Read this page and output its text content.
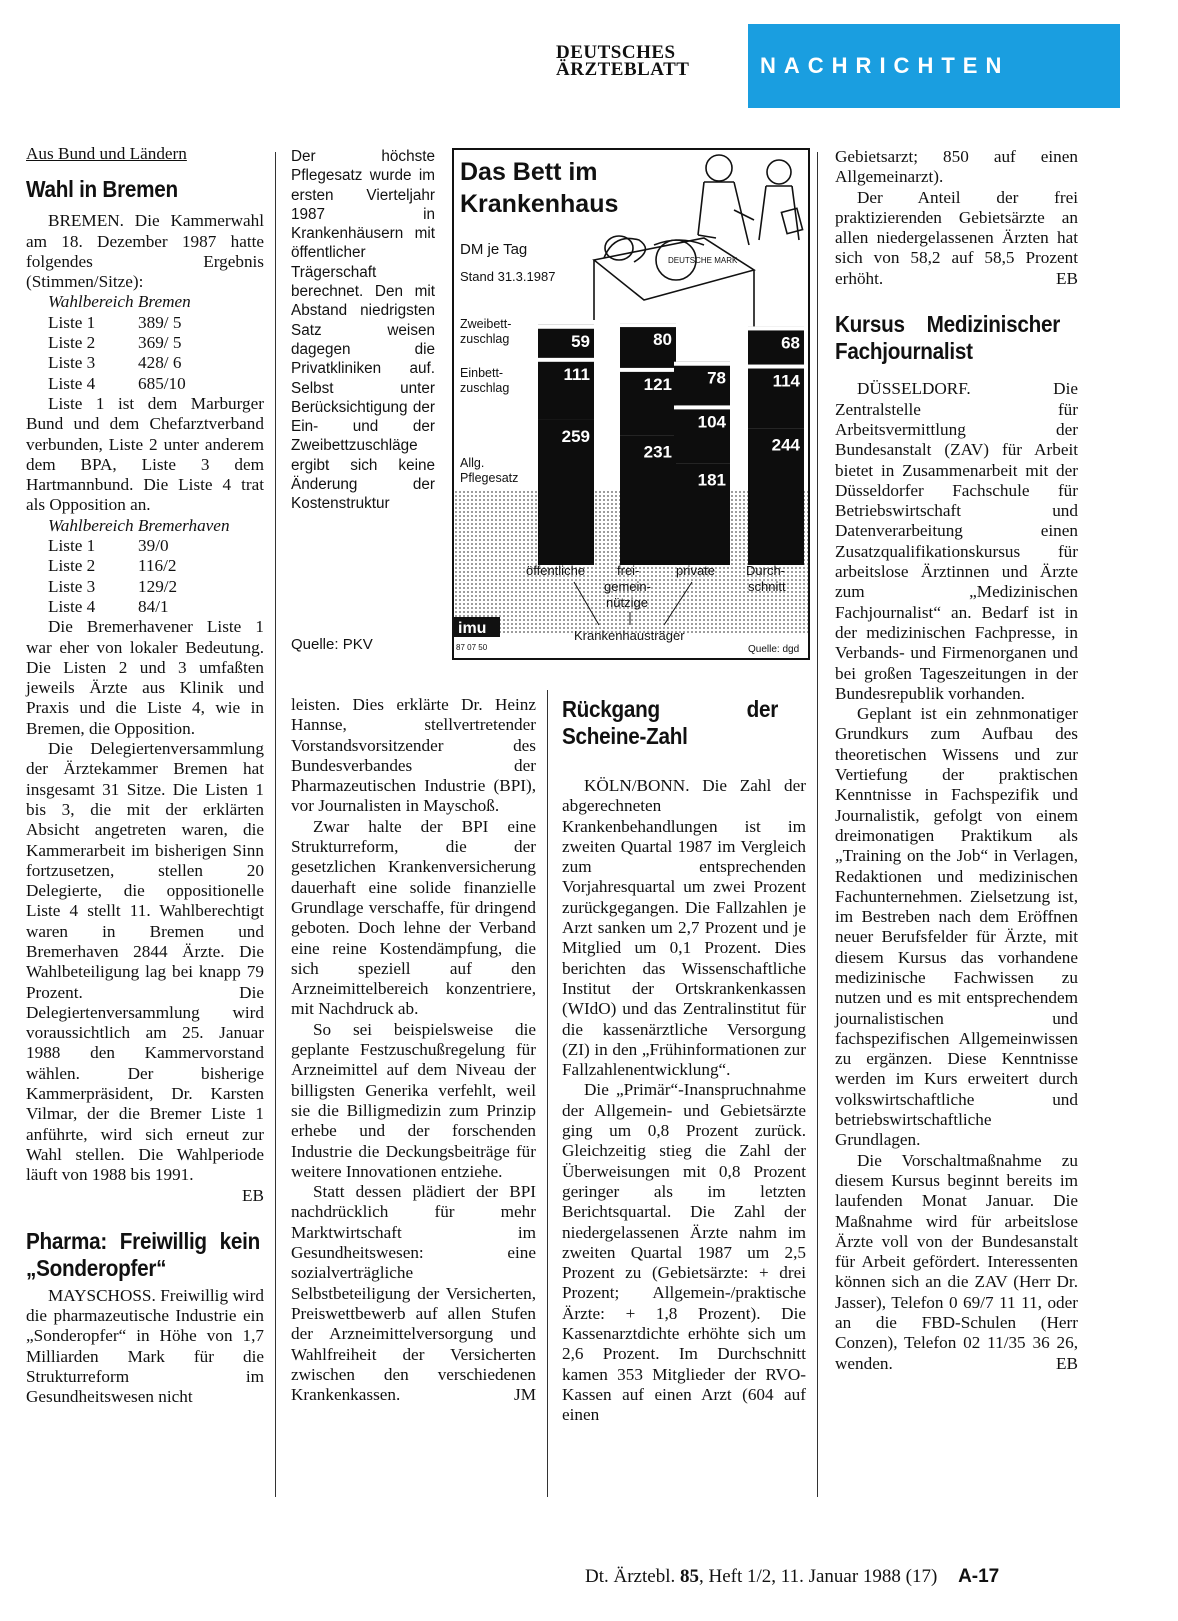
DEUTSCHES
ÄRZTEBLATT	NACHRICHTEN
Aus Bund und Ländern
Wahl in Bremen

BREMEN. Die Kammerwahl am 18. Dezember 1987 hatte folgendes Ergebnis (Stimmen/Sitze):

Wahlbereich Bremen
Liste 1	389/ 5
Liste 2	369/ 5
Liste 3	428/ 6
Liste 4	685/10

Liste 1 ist dem Marburger Bund und dem Chefarztverband verbunden, Liste 2 unter anderem dem BPA, Liste 3 dem Hartmannbund. Die Liste 4 trat als Opposition an.

Wahlbereich Bremerhaven
Liste 1	39/0
Liste 2	116/2
Liste 3	129/2
Liste 4	84/1

Die Bremerhavener Liste 1 war eher von lokaler Bedeutung. Die Listen 2 und 3 umfaßten jeweils Ärzte aus Klinik und Praxis und die Liste 4, wie in Bremen, die Opposition.

Die Delegiertenversammlung der Ärztekammer Bremen hat insgesamt 31 Sitze. Die Listen 1 bis 3, die mit der erklärten Absicht angetreten waren, die Kammerarbeit im bisherigen Sinn fortzusetzen, stellen 20 Delegierte, die oppositionelle Liste 4 stellt 11. Wahlberechtigt waren in Bremen und Bremerhaven 2844 Ärzte. Die Wahlbeteiligung lag bei knapp 79 Prozent. Die Delegiertenversammlung wird voraussichtlich am 25. Januar 1988 den Kammervorstand wählen. Der bisherige Kammerpräsident, Dr. Karsten Vilmar, der die Bremer Liste 1 anführte, wird sich erneut zur Wahl stellen. Die Wahlperiode läuft von 1988 bis 1991.

EB

Pharma: Freiwillig kein „Sonderopfer“

MAYSCHOSS. Freiwillig wird die pharmazeutische Industrie ein „Sonderopfer“ in Höhe von 1,7 Milliarden Mark für die Strukturreform im Gesundheitswesen nicht

Der höchste Pflegesatz wurde im ersten Vierteljahr 1987 in Krankenhäusern mit öffentlicher Trägerschaft berechnet. Den mit Abstand niedrigsten Satz weisen dagegen die Privatkliniken auf. Selbst unter Berücksichtigung der Ein- und der Zweibettzuschläge ergibt sich keine Änderung der Kostenstruktur
Quelle: PKV
DEUTSCHE MARK
Das Bett im
Krankenhaus
DM je Tag
Stand 31.3.1987
Zweibett-
zuschlag
Einbett-
zuschlag
Allg.
Pflegesatz
259
111
59
231
121
80
181
104
78
244
114
68
öffentliche frei-
gemein-
nützige
private Durch-
schnitt
Krankenhausträger
imu
87 07 50	Quelle: dgd

leisten. Dies erklärte Dr. Heinz Hannse, stellvertretender Vorstandsvorsitzender des Bundesverbandes der Pharmazeutischen Industrie (BPI), vor Journalisten in Mayschoß.

Zwar halte der BPI eine Strukturreform, die der gesetzlichen Krankenversicherung dauerhaft eine solide finanzielle Grundlage verschaffe, für dringend geboten. Doch lehne der Verband eine reine Kostendämpfung, die sich speziell auf den Arzneimittelbereich konzentriere, mit Nachdruck ab.

So sei beispielsweise die geplante Festzuschußregelung für Arzneimittel auf dem Niveau der billigsten Generika verfehlt, weil sie die Billigmedizin zum Prinzip erhebe und der forschenden Industrie die Deckungsbeiträge für weitere Innovationen entziehe.

Statt dessen plädiert der BPI nachdrücklich für mehr Marktwirtschaft im Gesundheitswesen: eine sozialverträgliche Selbstbeteiligung der Versicherten, Preiswettbewerb auf allen Stufen der Arzneimittelversorgung und Wahlfreiheit der Versicherten zwischen den verschiedenen Krankenkassen.	JM

Rückgang der Scheine-Zahl

KÖLN/BONN. Die Zahl der abgerechneten Krankenbehandlungen ist im zweiten Quartal 1987 im Vergleich zum entsprechenden Vorjahresquartal um zwei Prozent zurückgegangen. Die Fallzahlen je Arzt sanken um 2,7 Prozent und je Mitglied um 0,1 Prozent. Dies berichten das Wissenschaftliche Institut der Ortskrankenkassen (WIdO) und das Zentralinstitut für die kassenärztliche Versorgung (ZI) in den „Frühinformationen zur Fallzahlenentwicklung“.

Die „Primär“-Inanspruchnahme der Allgemein- und Gebietsärzte ging um 0,8 Prozent zurück. Gleichzeitig stieg die Zahl der Überweisungen mit 0,8 Prozent geringer als im letzten Berichtsquartal. Die Zahl der niedergelassenen Ärzte nahm im zweiten Quartal 1987 um 2,5 Prozent zu (Gebietsärzte: + drei Prozent; Allgemein-/praktische Ärzte: + 1,8 Prozent). Die Kassenarztdichte erhöhte sich um 2,6 Prozent. Im Durchschnitt kamen 353 Mitglieder der RVO-Kassen auf einen Arzt (604 auf einen

Gebietsarzt; 850 auf einen Allgemeinarzt).

Der Anteil der frei praktizierenden Gebietsärzte an allen niedergelassenen Ärzten hat sich von 58,2 auf 58,5 Prozent erhöht.	EB

Kursus Medizinischer Fachjournalist

DÜSSELDORF. Die Zentralstelle für Arbeitsvermittlung der Bundesanstalt (ZAV) für Arbeit bietet in Zusammenarbeit mit der Düsseldorfer Fachschule für Betriebswirtschaft und Datenverarbeitung einen Zusatzqualifikationskursus für arbeitslose Ärztinnen und Ärzte zum „Medizinischen Fachjournalist“ an. Bedarf ist in der medizinischen Fachpresse, in Verbands- und Firmenorganen und bei großen Tageszeitungen in der Bundesrepublik vorhanden.

Geplant ist ein zehnmonatiger Grundkurs zum Aufbau des theoretischen Wissens und zur Vertiefung der praktischen Kenntnisse in Fachspezifik und Journalistik, gefolgt von einem dreimonatigen Praktikum als „Training on the Job“ in Verlagen, Redaktionen und medizinischen Fachunternehmen. Zielsetzung ist, im Bestreben nach dem Eröffnen neuer Berufsfelder für Ärzte, mit diesem Kursus das vorhandene medizinische Fachwissen zu nutzen und es mit entsprechendem journalistischen und fachspezifischen Allgemeinwissen zu ergänzen. Diese Kenntnisse werden im Kurs erweitert durch volkswirtschaftliche und betriebswirtschaftliche Grundlagen.

Die Vorschaltmaßnahme zu diesem Kursus beginnt bereits im laufenden Monat Januar. Die Maßnahme wird für arbeitslose Ärzte voll von der Bundesanstalt für Arbeit gefördert. Interessenten können sich an die ZAV (Herr Dr. Jasser), Telefon 0 69/7 11 11, oder an die FBD-Schulen (Herr Conzen), Telefon 02 11/35 36 26, wenden.	EB

Dt. Ärztebl. 85, Heft 1/2, 11. Januar 1988 (17) A-17
